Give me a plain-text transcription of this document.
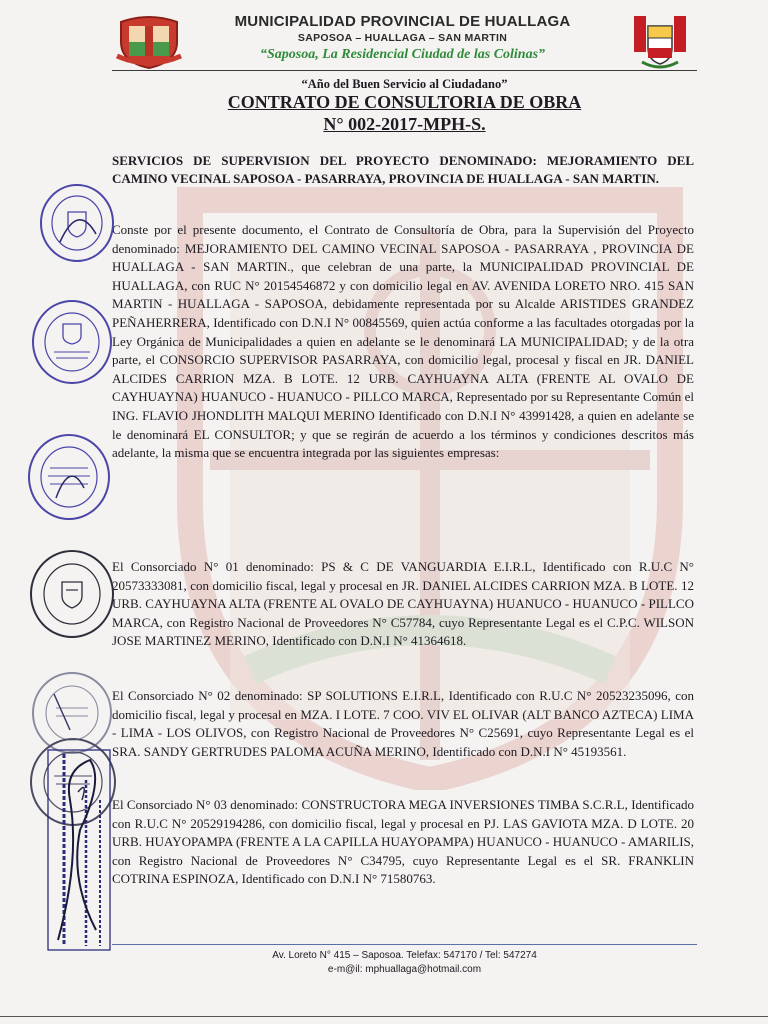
MUNICIPALIDAD PROVINCIAL DE HUALLAGA
SAPOSOA – HUALLAGA – SAN MARTIN
“Saposoa, La Residencial Ciudad de las Colinas”
“Año del Buen Servicio al Ciudadano”
CONTRATO DE CONSULTORIA DE OBRA
N° 002-2017-MPH-S.
SERVICIOS DE SUPERVISION DEL PROYECTO DENOMINADO: MEJORAMIENTO DEL CAMINO VECINAL SAPOSOA - PASARRAYA, PROVINCIA DE HUALLAGA - SAN MARTIN.
Conste por el presente documento, el Contrato de Consultoría de Obra, para la Supervisión del Proyecto denominado: MEJORAMIENTO DEL CAMINO VECINAL SAPOSOA - PASARRAYA , PROVINCIA DE HUALLAGA - SAN MARTIN., que celebran de una parte, la MUNICIPALIDAD PROVINCIAL DE HUALLAGA, con RUC N° 20154546872 y con domicilio legal en AV. AVENIDA LORETO NRO. 415 SAN MARTIN - HUALLAGA - SAPOSOA, debidamente representada por su Alcalde ARISTIDES GRANDEZ PEÑAHERRERA, Identificado con D.N.I N° 00845569, quien actúa conforme a las facultades otorgadas por la Ley Orgánica de Municipalidades a quien en adelante se le denominará LA MUNICIPALIDAD; y de la otra parte, el CONSORCIO SUPERVISOR PASARRAYA, con domicilio legal, procesal y fiscal en JR. DANIEL ALCIDES CARRION MZA. B LOTE. 12 URB. CAYHUAYNA ALTA (FRENTE AL OVALO DE CAYHUAYNA) HUANUCO - HUANUCO - PILLCO MARCA, Representado por su Representante Común el ING. FLAVIO JHONDLITH MALQUI MERINO Identificado con D.N.I N° 43991428, a quien en adelante se le denominará EL CONSULTOR; y que se regirán de acuerdo a los términos y condiciones descritos más adelante, la misma que se encuentra integrada por las siguientes empresas:
El Consorciado N° 01 denominado: PS & C DE VANGUARDIA E.I.R.L, Identificado con R.U.C N° 20573333081, con domicilio fiscal, legal y procesal en JR. DANIEL ALCIDES CARRION MZA. B LOTE. 12 URB. CAYHUAYNA ALTA (FRENTE AL OVALO DE CAYHUAYNA) HUANUCO - HUANUCO - PILLCO MARCA, con Registro Nacional de Proveedores N° C57784, cuyo Representante Legal es el C.P.C. WILSON JOSE MARTINEZ MERINO, Identificado con D.N.I N° 41364618.
El Consorciado N° 02 denominado: SP SOLUTIONS E.I.R.L, Identificado con R.U.C N° 20523235096, con domicilio fiscal, legal y procesal en MZA. I LOTE. 7 COO. VIV EL OLIVAR (ALT BANCO AZTECA) LIMA - LIMA - LOS OLIVOS, con Registro Nacional de Proveedores N° C25691, cuyo Representante Legal es el SRA. SANDY GERTRUDES PALOMA ACUÑA MERINO, Identificado con D.N.I N° 45193561.
El Consorciado N° 03 denominado: CONSTRUCTORA MEGA INVERSIONES TIMBA S.C.R.L, Identificado con R.U.C N° 20529194286, con domicilio fiscal, legal y procesal en PJ. LAS GAVIOTA MZA. D LOTE. 20 URB. HUAYOPAMPA (FRENTE A LA CAPILLA HUAYOPAMPA) HUANUCO - HUANUCO - AMARILIS, con Registro Nacional de Proveedores N° C34795, cuyo Representante Legal es el SR. FRANKLIN COTRINA ESPINOZA, Identificado con D.N.I N° 71580763.
Av. Loreto N° 415 – Saposoa. Telefax: 547170 / Tel: 547274
e-m@il: mphuallaga@hotmail.com
